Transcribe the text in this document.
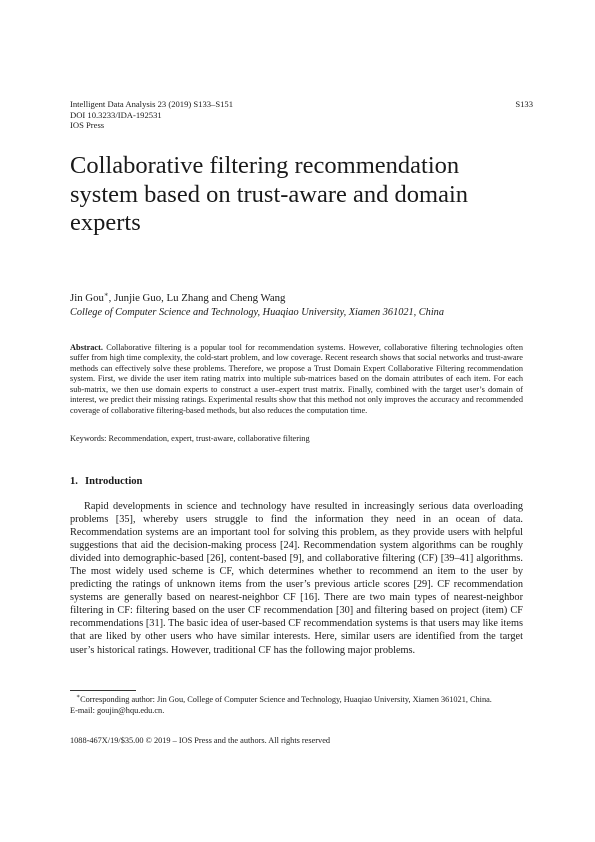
Intelligent Data Analysis 23 (2019) S133–S151
DOI 10.3233/IDA-192531
IOS Press
S133
Collaborative filtering recommendation
system based on trust-aware and domain
experts
Jin Gou∗, Junjie Guo, Lu Zhang and Cheng Wang
College of Computer Science and Technology, Huaqiao University, Xiamen 361021, China
Abstract. Collaborative filtering is a popular tool for recommendation systems. However, collaborative filtering technologies often suffer from high time complexity, the cold-start problem, and low coverage. Recent research shows that social networks and trust-aware methods can effectively solve these problems. Therefore, we propose a Trust Domain Expert Collaborative Filtering recommendation system. First, we divide the user item rating matrix into multiple sub-matrices based on the domain attributes of each item. For each sub-matrix, we then use domain experts to construct a user–expert trust matrix. Finally, combined with the target user’s domain of interest, we predict their missing ratings. Experimental results show that this method not only improves the accuracy and recommended coverage of collaborative filtering-based methods, but also reduces the computation time.
Keywords: Recommendation, expert, trust-aware, collaborative filtering
1. Introduction

Rapid developments in science and technology have resulted in increasingly serious data overloading problems [35], whereby users struggle to find the information they need in an ocean of data. Recommendation systems are an important tool for solving this problem, as they provide users with helpful suggestions that aid the decision-making process [24]. Recommendation system algorithms can be roughly divided into demographic-based [26], content-based [9], and collaborative filtering (CF) [39–41] algorithms. The most widely used scheme is CF, which determines whether to recommend an item to the user by predicting the ratings of unknown items from the user’s previous article scores [29]. CF recommendation systems are generally based on nearest-neighbor CF [16]. There are two main types of nearest-neighbor filtering in CF: filtering based on the user CF recommendation [30] and filtering based on project (item) CF recommendations [31]. The basic idea of user-based CF recommendation systems is that users may like items that are liked by other users who have similar interests. Here, similar users are identified from the target user’s historical ratings. However, traditional CF has the following major problems.

∗Corresponding author: Jin Gou, College of Computer Science and Technology, Huaqiao University, Xiamen 361021, China.
E-mail: goujin@hqu.edu.cn.
1088-467X/19/$35.00 © 2019 – IOS Press and the authors. All rights reserved
